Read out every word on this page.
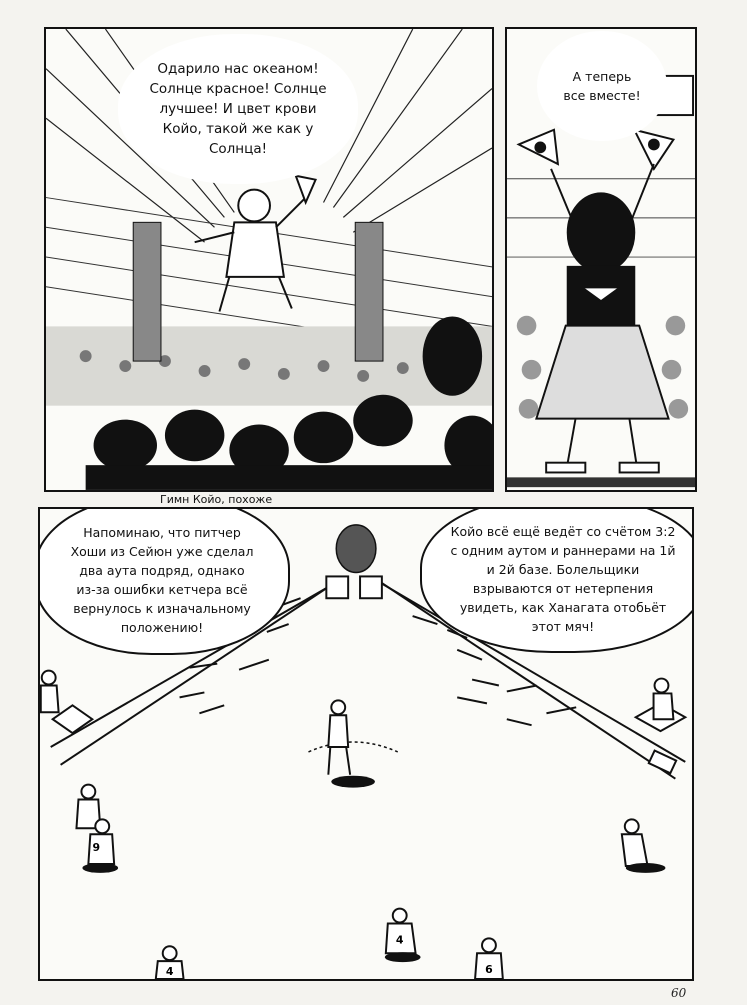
Одарило нас океаном!
Солнце красное! Солнце
лучшее! И цвет крови
Койо, такой же как у
Солнца!
Гимн Койо, похоже
А теперь
все вместе!
9
4
4	6
Напоминаю, что питчер
Хоши из Сейюн уже сделал
два аута подряд, однако
из-за ошибки кетчера всё
вернулось к изначальному
положению!
Койо всё ещё ведёт со счётом 3:2
с одним аутом и раннерами на 1й
и 2й базе. Болельщики
взрываются от нетерпения
увидеть, как Ханагата отобьёт
этот мяч!
60
